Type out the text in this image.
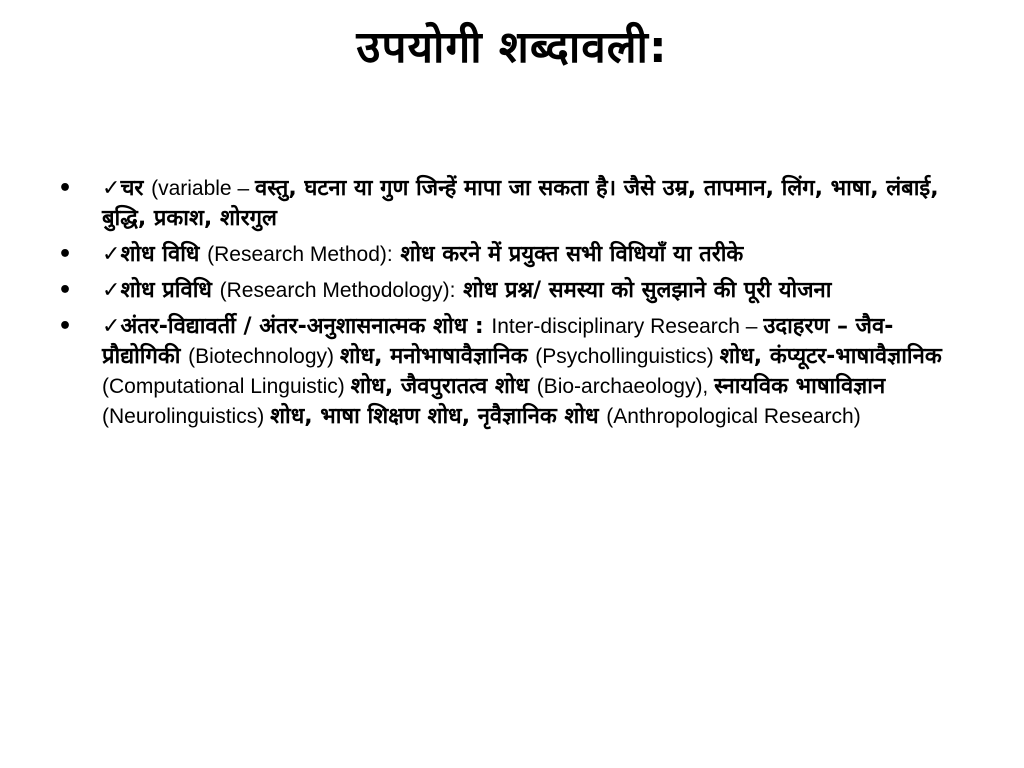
उपयोगी शब्दावली:
• ✓चर (variable – वस्तु, घटना या गुण जिन्हें मापा जा सकता है। जैसे उम्र, तापमान, लिंग, भाषा, लंबाई, बुद्धि, प्रकाश, शोरगुल
• ✓शोध विधि (Research Method): शोध करने में प्रयुक्त सभी विधियाँ या तरीके
• ✓शोध प्रविधि (Research Methodology): शोध प्रश्न/ समस्या को सुलझाने की पूरी योजना
• ✓अंतर-विद्यावर्ती / अंतर-अनुशासनात्मक शोध : Inter-disciplinary Research – उदाहरण – जैव-प्रौद्योगिकी (Biotechnology) शोध, मनोभाषावैज्ञानिक (Psychollinguistics) शोध, कंप्यूटर-भाषावैज्ञानिक (Computational Linguistic) शोध, जैवपुरातत्व शोध (Bio-archaeology), स्नायविक भाषाविज्ञान (Neurolinguistics) शोध, भाषा शिक्षण शोध, नृवैज्ञानिक शोध (Anthropological Research)
